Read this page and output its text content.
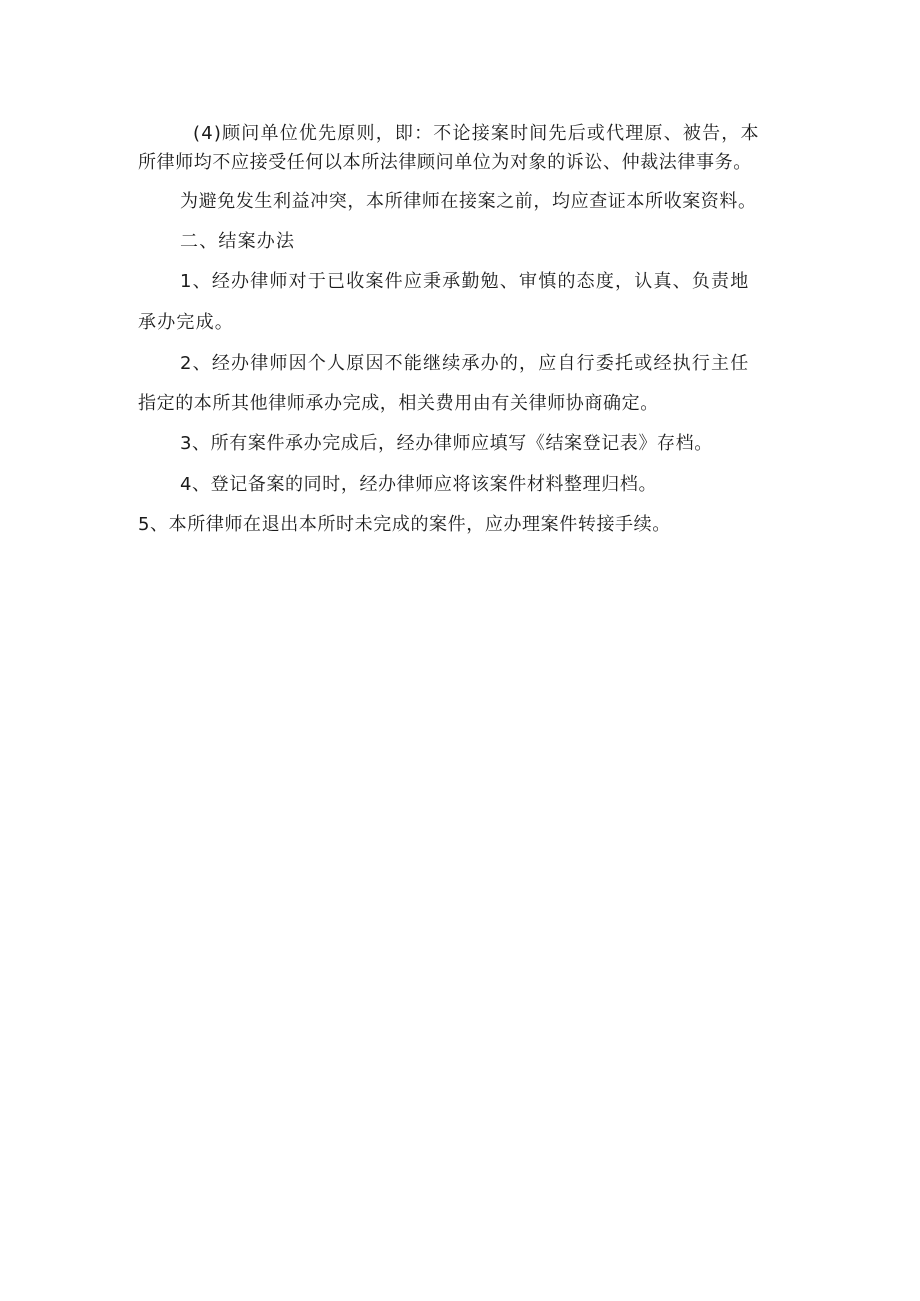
(4)顾问单位优先原则，即：不论接案时间先后或代理原、被告，本
所律师均不应接受任何以本所法律顾问单位为对象的诉讼、仲裁法律事务。
为避免发生利益冲突，本所律师在接案之前，均应查证本所收案资料。
二、结案办法
1、经办律师对于已收案件应秉承勤勉、审慎的态度，认真、负责地
承办完成。
2、经办律师因个人原因不能继续承办的，应自行委托或经执行主任
指定的本所其他律师承办完成，相关费用由有关律师协商确定。
3、所有案件承办完成后，经办律师应填写《结案登记表》存档。
4、登记备案的同时，经办律师应将该案件材料整理归档。
5、本所律师在退出本所时未完成的案件，应办理案件转接手续。
